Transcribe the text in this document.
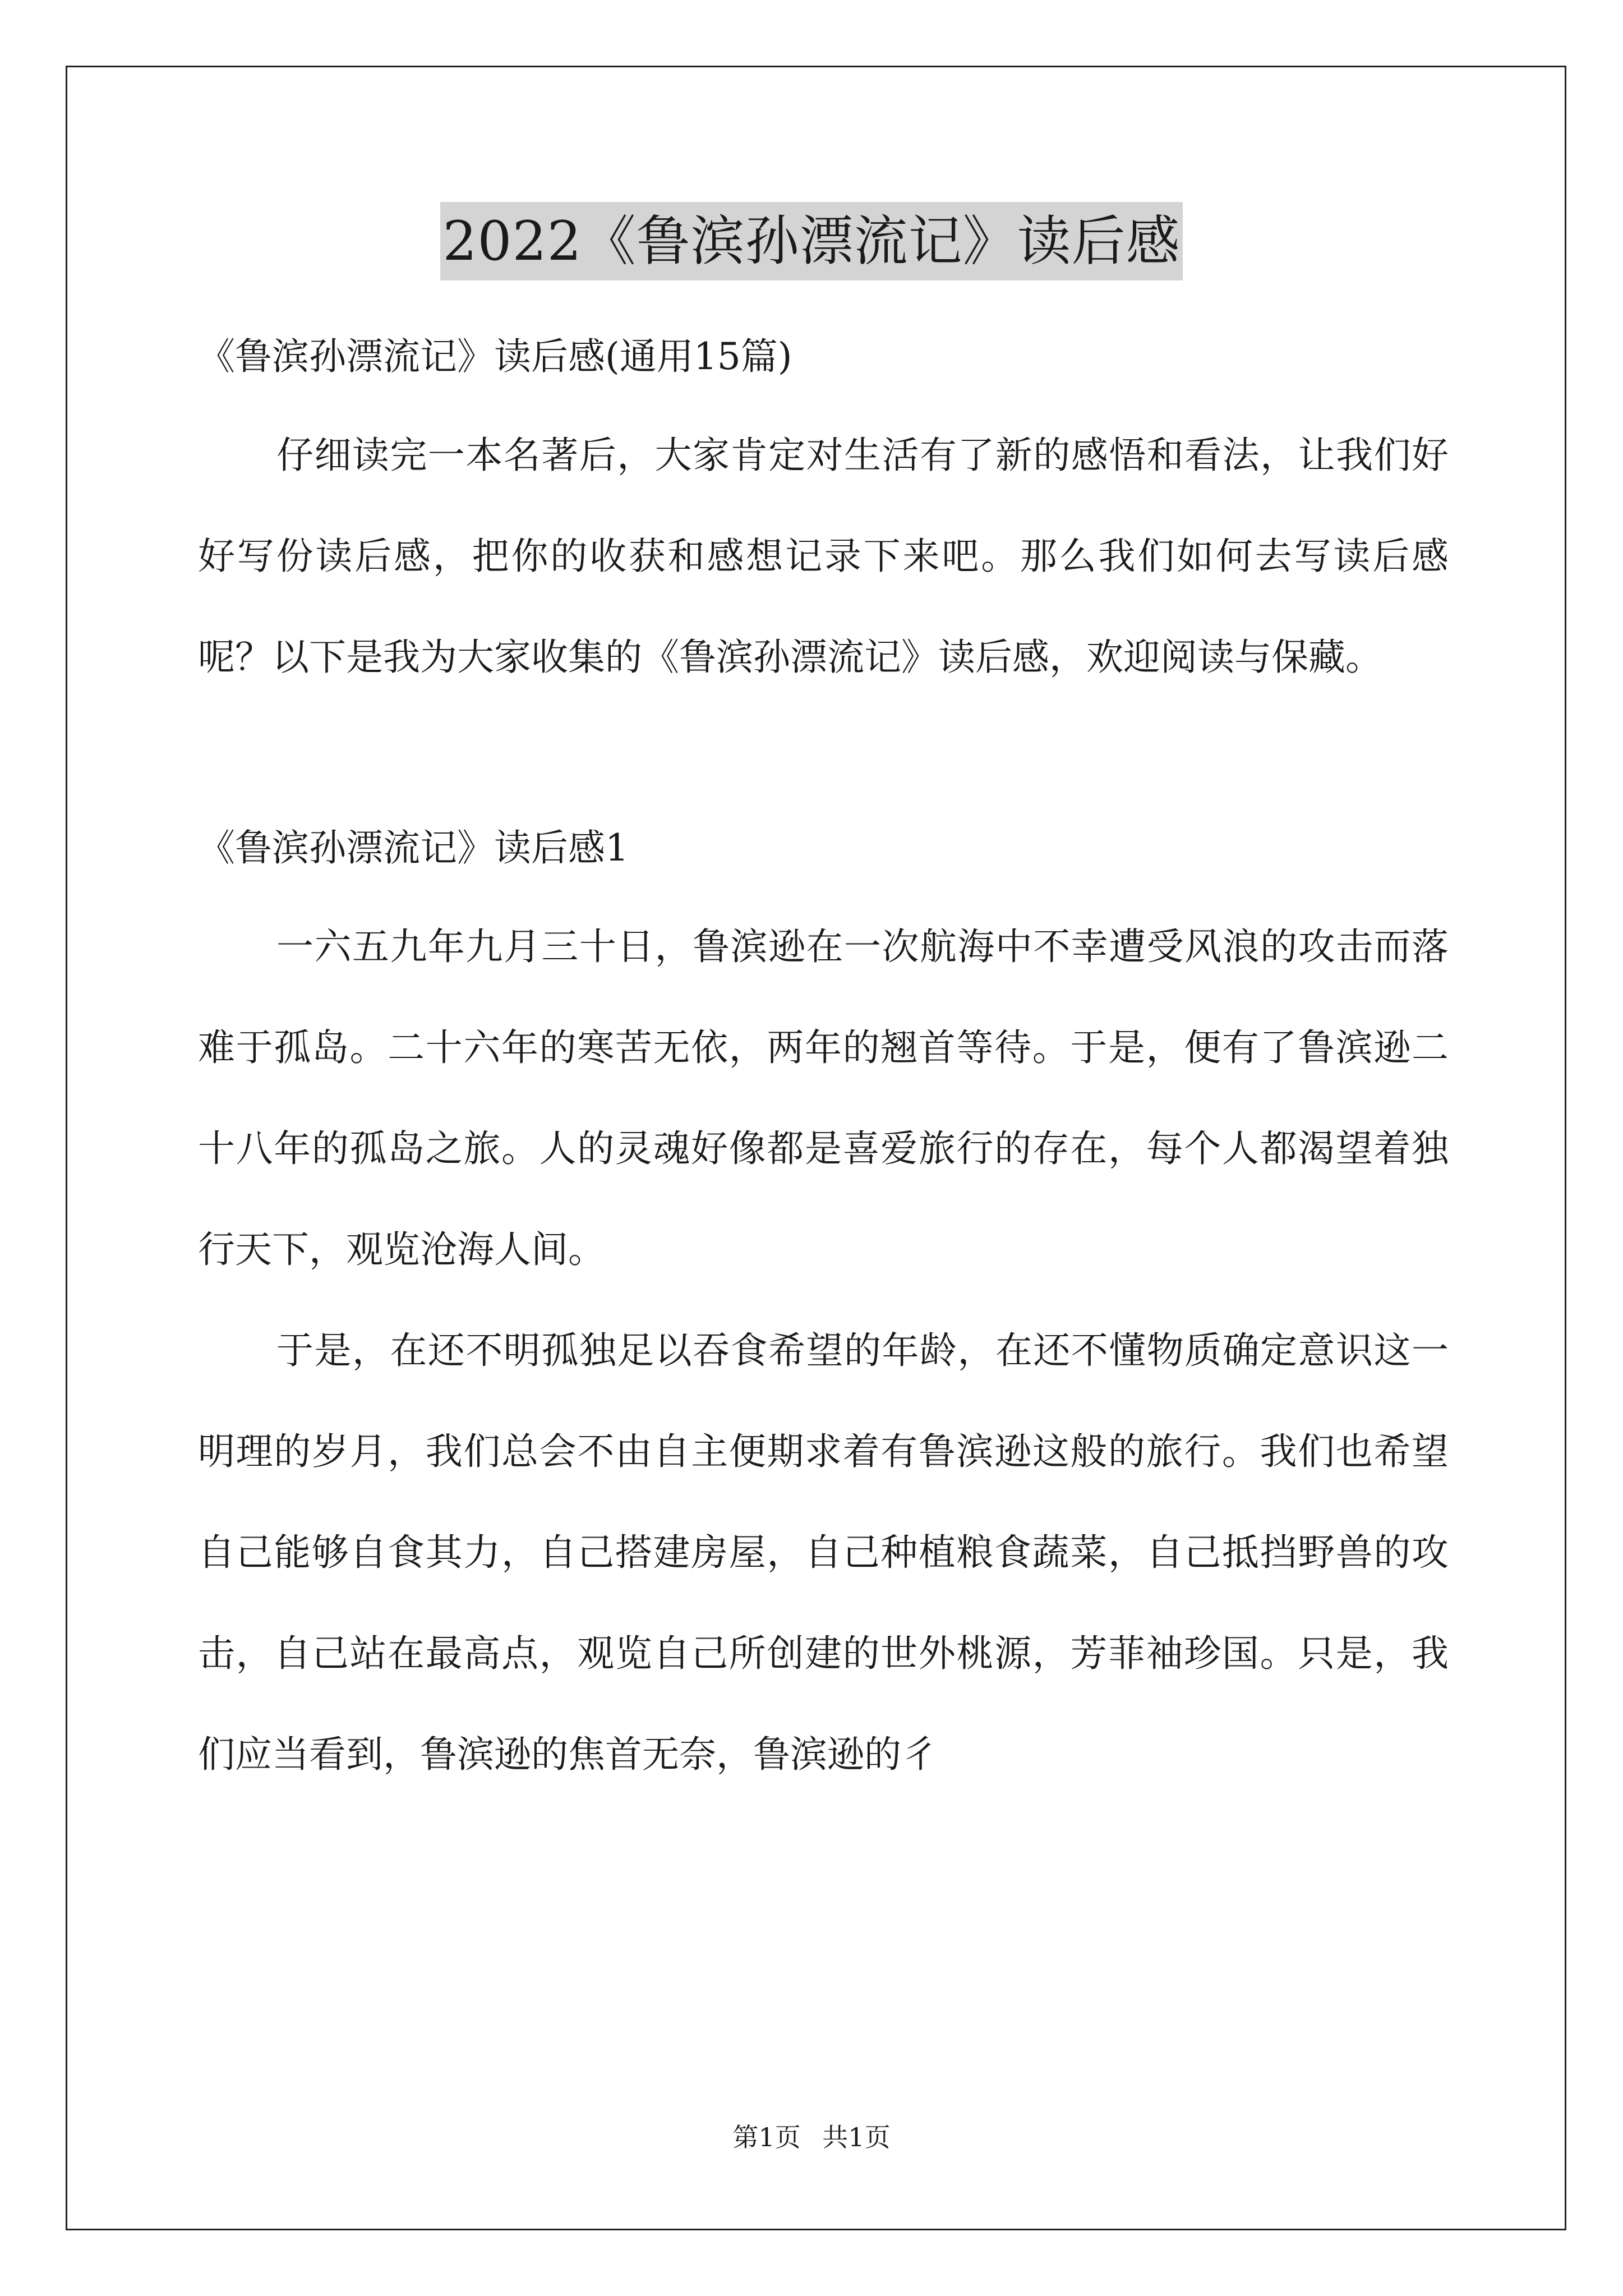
2022《鲁滨孙漂流记》读后感

《鲁滨孙漂流记》读后感(通用15篇)

仔细读完一本名著后，大家肯定对生活有了新的感悟和看法，让我们好好写份读后感，把你的收获和感想记录下来吧。那么我们如何去写读后感呢？以下是我为大家收集的《鲁滨孙漂流记》读后感，欢迎阅读与保藏。

《鲁滨孙漂流记》读后感1

一六五九年九月三十日，鲁滨逊在一次航海中不幸遭受风浪的攻击而落难于孤岛。二十六年的寒苦无依，两年的翘首等待。于是，便有了鲁滨逊二十八年的孤岛之旅。人的灵魂好像都是喜爱旅行的存在，每个人都渴望着独行天下，观览沧海人间。

于是，在还不明孤独足以吞食希望的年龄，在还不懂物质确定意识这一明理的岁月，我们总会不由自主便期求着有鲁滨逊这般的旅行。我们也希望自己能够自食其力，自己搭建房屋，自己种植粮食蔬菜，自己抵挡野兽的攻击，自己站在最高点，观览自己所创建的世外桃源，芳菲袖珍国。只是，我们应当看到，鲁滨逊的焦首无奈，鲁滨逊的彳

第1页 共1页
